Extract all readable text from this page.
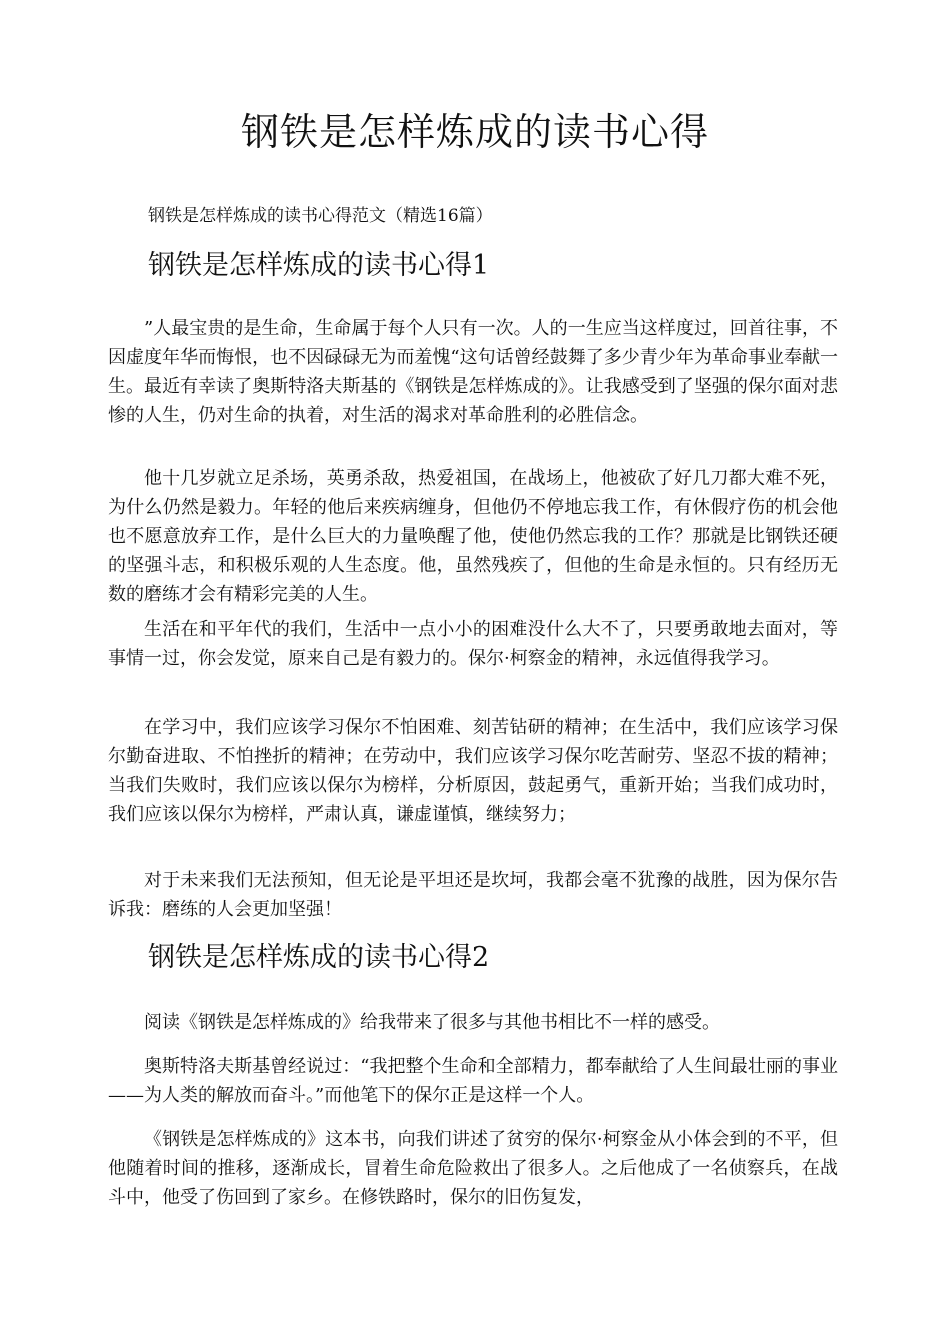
钢铁是怎样炼成的读书心得
钢铁是怎样炼成的读书心得范文（精选16篇）
钢铁是怎样炼成的读书心得1

”人最宝贵的是生命，生命属于每个人只有一次。人的一生应当这样度过，回首往事，不因虚度年华而悔恨，也不因碌碌无为而羞愧“这句话曾经鼓舞了多少青少年为革命事业奉献一生。最近有幸读了奥斯特洛夫斯基的《钢铁是怎样炼成的》。让我感受到了坚强的保尔面对悲惨的人生，仍对生命的执着，对生活的渴求对革命胜利的必胜信念。

他十几岁就立足杀场，英勇杀敌，热爱祖国，在战场上，他被砍了好几刀都大难不死，为什么仍然是毅力。年轻的他后来疾病缠身，但他仍不停地忘我工作，有休假疗伤的机会他也不愿意放弃工作，是什么巨大的力量唤醒了他，使他仍然忘我的工作？那就是比钢铁还硬的坚强斗志，和积极乐观的人生态度。他，虽然残疾了，但他的生命是永恒的。只有经历无数的磨练才会有精彩完美的人生。

生活在和平年代的我们，生活中一点小小的困难没什么大不了，只要勇敢地去面对，等事情一过，你会发觉，原来自己是有毅力的。保尔·柯察金的精神，永远值得我学习。

在学习中，我们应该学习保尔不怕困难、刻苦钻研的精神；在生活中，我们应该学习保尔勤奋进取、不怕挫折的精神；在劳动中，我们应该学习保尔吃苦耐劳、坚忍不拔的精神；当我们失败时，我们应该以保尔为榜样，分析原因，鼓起勇气，重新开始；当我们成功时，我们应该以保尔为榜样，严肃认真，谦虚谨慎，继续努力；

对于未来我们无法预知，但无论是平坦还是坎坷，我都会毫不犹豫的战胜，因为保尔告诉我：磨练的人会更加坚强！

钢铁是怎样炼成的读书心得2

阅读《钢铁是怎样炼成的》给我带来了很多与其他书相比不一样的感受。

奥斯特洛夫斯基曾经说过：“我把整个生命和全部精力，都奉献给了人生间最壮丽的事业——为人类的解放而奋斗。”而他笔下的保尔正是这样一个人。

《钢铁是怎样炼成的》这本书，向我们讲述了贫穷的保尔·柯察金从小体会到的不平，但他随着时间的推移，逐渐成长，冒着生命危险救出了很多人。之后他成了一名侦察兵，在战斗中，他受了伤回到了家乡。在修铁路时，保尔的旧伤复发，
